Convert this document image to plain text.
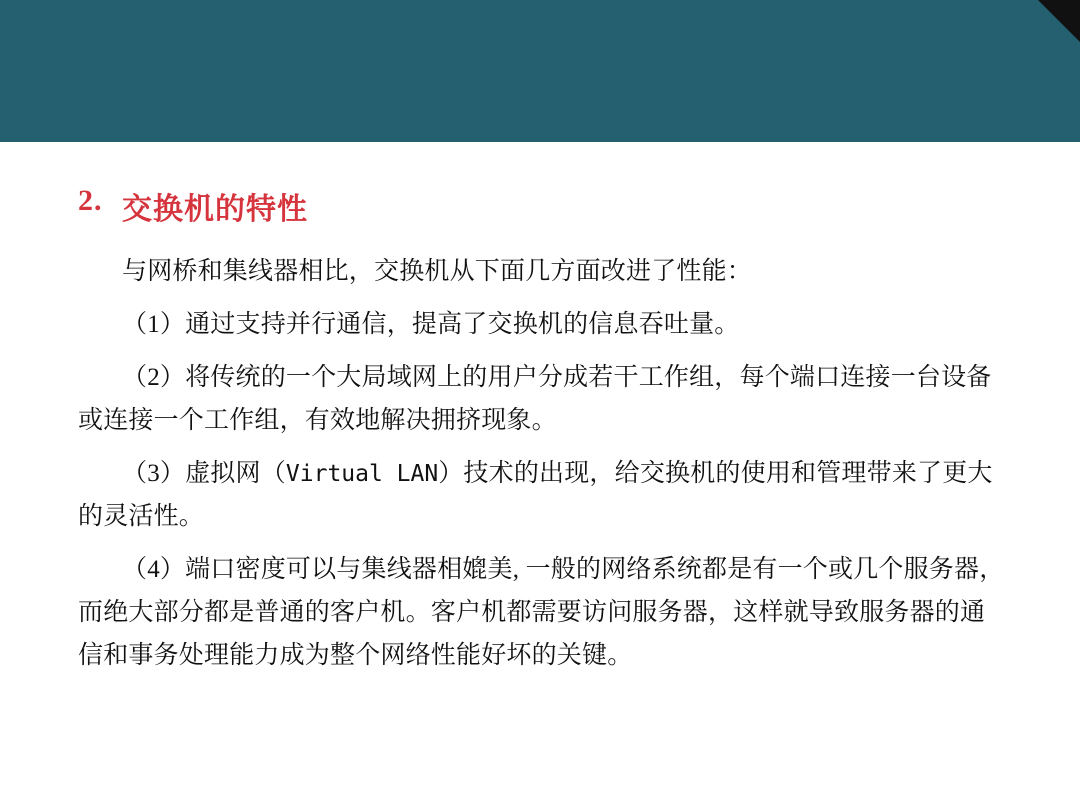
2. 交换机的特性

与网桥和集线器相比，交换机从下面几方面改进了性能：

（1）通过支持并行通信，提高了交换机的信息吞吐量。

（2）将传统的一个大局域网上的用户分成若干工作组，每个端口连接一台设备 或连接一个工作组，有效地解决拥挤现象。

（3）虚拟网（Virtual LAN）技术的出现，给交换机的使用和管理带来了更大 的灵活性。

（4）端口密度可以与集线器相媲美, 一般的网络系统都是有一个或几个服务器，而绝大部分都是普通的客户机。客户机都需要访问服务器，这样就导致服务器的通信和事务处理能力成为整个网络性能好坏的关键。
